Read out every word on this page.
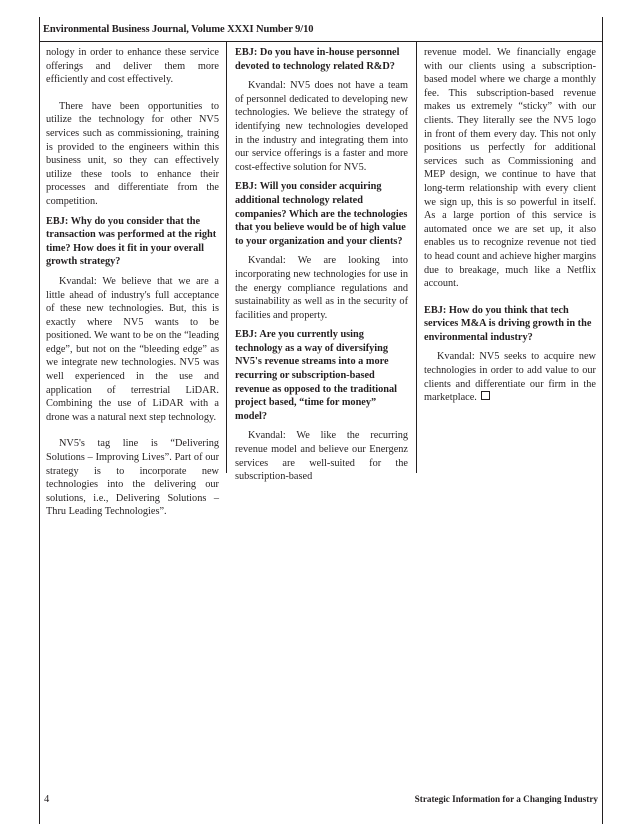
Environmental Business Journal, Volume XXXI Number 9/10

nology in order to enhance these service offerings and deliver them more efficiently and cost effectively.

There have been opportunities to utilize the technology for other NV5 services such as commissioning, training is provided to the engineers within this business unit, so they can effectively utilize these tools to enhance their processes and differentiate from the competition.

EBJ: Why do you consider that the transaction was performed at the right time? How does it fit in your overall growth strategy?

Kvandal: We believe that we are a little ahead of industry's full acceptance of these new technologies. But, this is exactly where NV5 wants to be positioned. We want to be on the “leading edge”, but not on the “bleeding edge” as we integrate new technologies. NV5 was well experienced in the use and application of terrestrial LiDAR. Combining the use of LiDAR with a drone was a natural next step technology.

NV5's tag line is “Delivering Solutions – Improving Lives”. Part of our strategy is to incorporate new technologies into the delivering our solutions, i.e., Delivering Solutions – Thru Leading Technologies”.

EBJ: Do you have in-house personnel devoted to technology related R&D?

Kvandal: NV5 does not have a team of personnel dedicated to developing new technologies. We believe the strategy of identifying new technologies developed in the industry and integrating them into our service offerings is a faster and more cost-effective solution for NV5.

EBJ: Will you consider acquiring additional technology related companies? Which are the technologies that you believe would be of high value to your organization and your clients?

Kvandal: We are looking into incorporating new technologies for use in the energy compliance regulations and sustainability as well as in the security of facilities and property.

EBJ: Are you currently using technology as a way of diversifying NV5's revenue streams into a more recurring or subscription-based revenue as opposed to the traditional project based, “time for money” model?

Kvandal: We like the recurring revenue model and believe our Energenz services are well-suited for the subscription-based

revenue model. We financially engage with our clients using a subscription- based model where we charge a monthly fee. This subscription-based revenue makes us extremely “sticky” with our clients. They literally see the NV5 logo in front of them every day. This not only positions us perfectly for additional services such as Commissioning and MEP design, we continue to have that long-term relationship with every client we sign up, this is so powerful in itself. As a large portion of this service is automated once we are set up, it also enables us to recognize revenue not tied to head count and achieve higher margins due to breakage, much like a Netflix account.

EBJ: How do you think that tech services M&A is driving growth in the environmental industry?

Kvandal: NV5 seeks to acquire new technologies in order to add value to our clients and differentiate our firm in the marketplace.

4	Strategic Information for a Changing Industry
